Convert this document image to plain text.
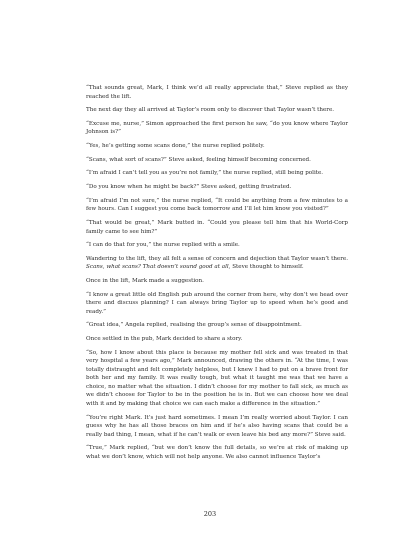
“That sounds great, Mark, I think we’d all really appreciate that,” Steve replied as they reached the lift.

The next day they all arrived at Taylor’s room only to discover that Taylor wasn’t there.

“Excuse me, nurse,” Simon approached the first person he saw, “do you know where Taylor Johnson is?”

“Yes, he’s getting some scans done,” the nurse replied politely.

“Scans, what sort of scans?” Steve asked, feeling himself becoming concerned.

“I’m afraid I can’t tell you as you’re not family,” the nurse replied, still being polite.

“Do you know when he might be back?” Steve asked, getting frustrated.

“I’m afraid I’m not sure,” the nurse replied, “It could be anything from a few minutes to a few hours. Can I suggest you come back tomorrow and I’ll let him know you visited?”

“That would be great,” Mark butted in. “Could you please tell him that his World-Corp family came to see him?”

“I can do that for you,” the nurse replied with a smile.

Wandering to the lift, they all felt a sense of concern and dejection that Taylor wasn’t there. Scans, what scans? That doesn’t sound good at all, Steve thought to himself.

Once in the lift, Mark made a suggestion.

“I know a great little old English pub around the corner from here, why don’t we head over there and discuss planning? I can always bring Taylor up to speed when he’s good and ready.”

“Great idea,” Angela replied, realising the group’s sense of disappointment.

Once settled in the pub, Mark decided to share a story.

“So, how I know about this place is because my mother fell sick and was treated in that very hospital a few years ago,” Mark announced, drawing the others in. “At the time, I was totally distraught and felt completely helpless, but I knew I had to put on a brave front for both her and my family. It was really tough, but what it taught me was that we have a choice, no matter what the situation. I didn’t choose for my mother to fall sick, as much as we didn’t choose for Taylor to be in the position he is in. But we can choose how we deal with it and by making that choice we can each make a difference in the situation.”

“You’re right Mark. It’s just hard sometimes. I mean I’m really worried about Taylor. I can guess why he has all those braces on him and if he’s also having scans that could be a really bad thing, I mean, what if he can’t walk or even leave his bed any more?” Steve said.

“True,” Mark replied, “but we don’t know the full details, so we’re at risk of making up what we don’t know, which will not help anyone. We also cannot influence Taylor’s

203
